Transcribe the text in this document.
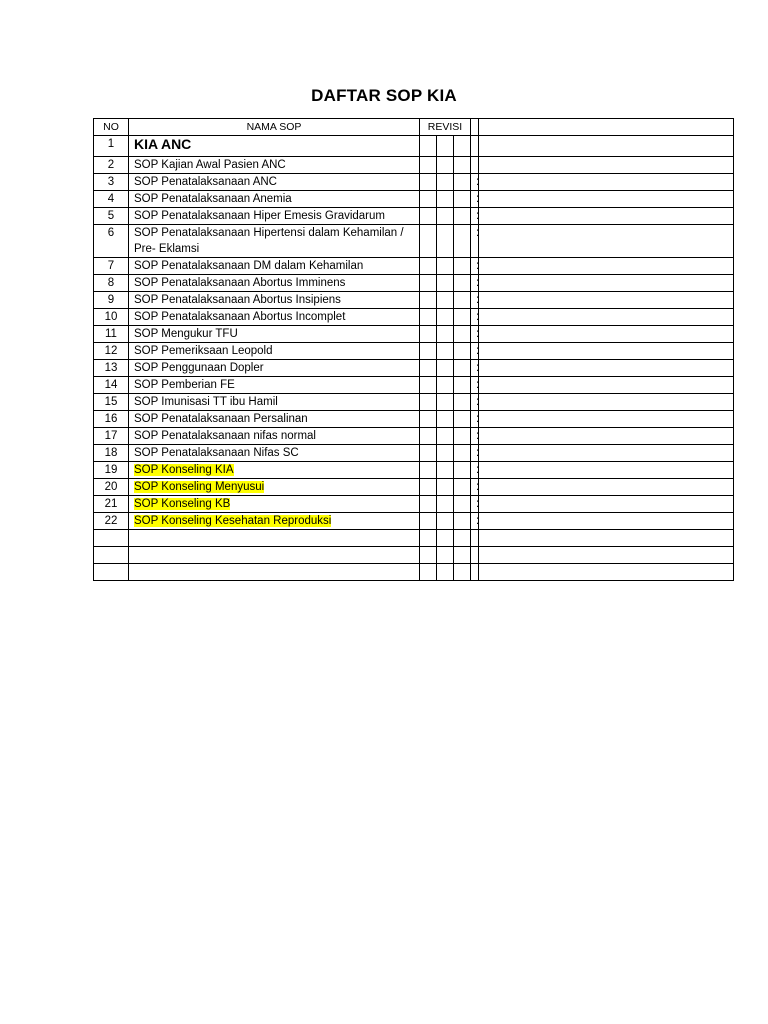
DAFTAR SOP KIA
NO	NAMA SOP	REVISI				
1	KIA ANC					
2	SOP Kajian Awal Pasien ANC					
3	SOP Penatalaksanaan ANC				:	
4	SOP Penatalaksanaan Anemia				:	
5	SOP Penatalaksanaan Hiper Emesis Gravidarum				:	
6	SOP Penatalaksanaan Hipertensi dalam Kehamilan / Pre- Eklamsi				:	
7	SOP Penatalaksanaan DM dalam Kehamilan				:	
8	SOP Penatalaksanaan Abortus Imminens				:	
9	SOP Penatalaksanaan Abortus Insipiens				:	
10	SOP Penatalaksanaan Abortus Incomplet				:	
11	SOP Mengukur TFU				:	
12	SOP Pemeriksaan Leopold				:	
13	SOP Penggunaan Dopler				:	
14	SOP Pemberian FE				:	
15	SOP Imunisasi TT ibu Hamil				:	
16	SOP Penatalaksanaan Persalinan				:	
17	SOP Penatalaksanaan nifas normal				:	
18	SOP Penatalaksanaan Nifas SC				:	
19	SOP Konseling KIA				:	
20	SOP Konseling Menyusui				:	
21	SOP Konseling KB				:	
22	SOP Konseling Kesehatan Reproduksi				:	
